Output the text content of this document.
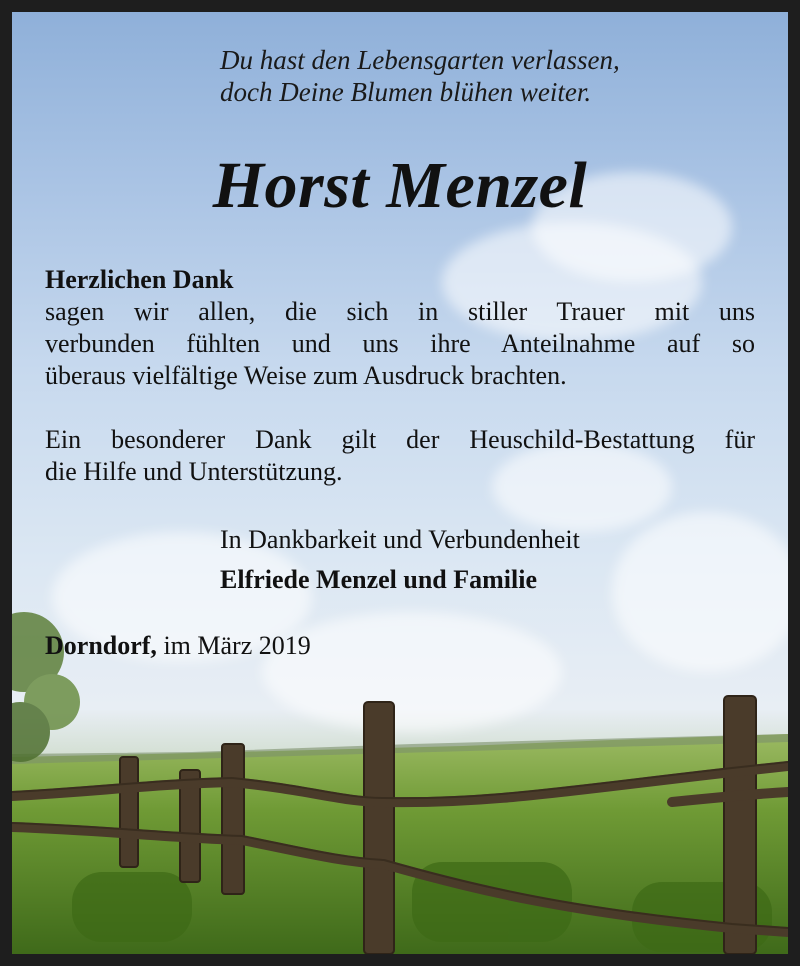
Du hast den Lebensgarten verlassen,
doch Deine Blumen blühen weiter.
Horst Menzel
Herzlichen Dank
sagen wir allen, die sich in stiller Trauer mit uns
verbunden fühlten und uns ihre Anteilnahme auf so
überaus vielfältige Weise zum Ausdruck brachten.
Ein besonderer Dank gilt der Heuschild-Bestattung für
die Hilfe und Unterstützung.
In Dankbarkeit und Verbundenheit
Elfriede Menzel und Familie
Dorndorf, im März 2019
